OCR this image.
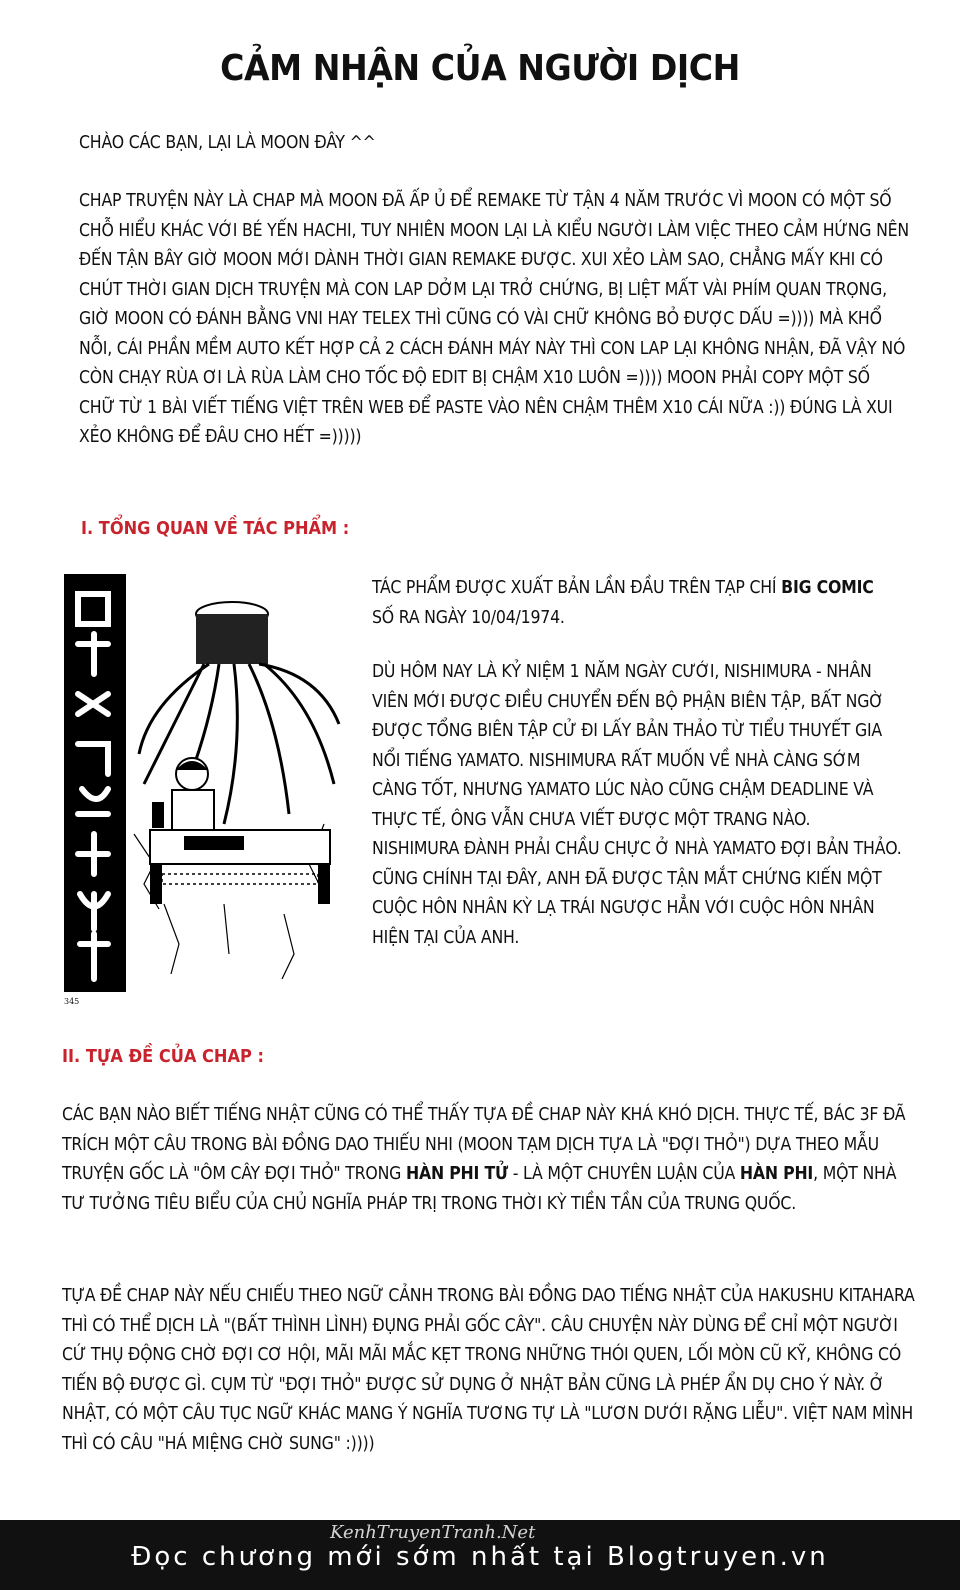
CẢM NHẬN CỦA NGƯỜI DỊCH
CHÀO CÁC BẠN, LẠI LÀ MOON ĐÂY ^^
CHAP TRUYỆN NÀY LÀ CHAP MÀ MOON ĐÃ ẤP Ủ ĐỂ REMAKE TỪ TẬN 4 NĂM TRƯỚC VÌ MOON CÓ MỘT SỐ CHỖ HIỂU KHÁC VỚI BÉ YẾN HACHI, TUY NHIÊN MOON LẠI LÀ KIỂU NGƯỜI LÀM VIỆC THEO CẢM HỨNG NÊN ĐẾN TẬN BÂY GIỜ MOON MỚI DÀNH THỜI GIAN REMAKE ĐƯỢC. XUI XẺO LÀM SAO, CHẲNG MẤY KHI CÓ CHÚT THỜI GIAN DỊCH TRUYỆN MÀ CON LAP DỞM LẠI TRỞ CHỨNG, BỊ LIỆT MẤT VÀI PHÍM QUAN TRỌNG, GIỜ MOON CÓ ĐÁNH BẰNG VNI HAY TELEX THÌ CŨNG CÓ VÀI CHỮ KHÔNG BỎ ĐƯỢC DẤU =)))) MÀ KHỔ NỖI, CÁI PHẦN MỀM AUTO KẾT HỢP CẢ 2 CÁCH ĐÁNH MÁY NÀY THÌ CON LAP LẠI KHÔNG NHẬN, ĐÃ VẬY NÓ CÒN CHẠY RÙA ƠI LÀ RÙA LÀM CHO TỐC ĐỘ EDIT BỊ CHẬM X10 LUÔN =)))) MOON PHẢI COPY MỘT SỐ CHỮ TỪ 1 BÀI VIẾT TIẾNG VIỆT TRÊN WEB ĐỂ PASTE VÀO NÊN CHẬM THÊM X10 CÁI NỮA :)) ĐÚNG LÀ XUI XẺO KHÔNG ĐỂ ĐÂU CHO HẾT =)))))
I. TỔNG QUAN VỀ TÁC PHẨM :
345
TÁC PHẨM ĐƯỢC XUẤT BẢN LẦN ĐẦU TRÊN TẠP CHÍ BIG COMIC SỐ RA NGÀY 10/04/1974.
DÙ HÔM NAY LÀ KỶ NIỆM 1 NĂM NGÀY CƯỚI, NISHIMURA - NHÂN VIÊN MỚI ĐƯỢC ĐIỀU CHUYỂN ĐẾN BỘ PHẬN BIÊN TẬP, BẤT NGỜ ĐƯỢC TỔNG BIÊN TẬP CỬ ĐI LẤY BẢN THẢO TỪ TIỂU THUYẾT GIA NỔI TIẾNG YAMATO. NISHIMURA RẤT MUỐN VỀ NHÀ CÀNG SỚM CÀNG TỐT, NHƯNG YAMATO LÚC NÀO CŨNG CHẬM DEADLINE VÀ THỰC TẾ, ÔNG VẪN CHƯA VIẾT ĐƯỢC MỘT TRANG NÀO. NISHIMURA ĐÀNH PHẢI CHẦU CHỰC Ở NHÀ YAMATO ĐỢI BẢN THẢO. CŨNG CHÍNH TẠI ĐÂY, ANH ĐÃ ĐƯỢC TẬN MẮT CHỨNG KIẾN MỘT CUỘC HÔN NHÂN KỲ LẠ TRÁI NGƯỢC HẲN VỚI CUỘC HÔN NHÂN HIỆN TẠI CỦA ANH.
II. TỰA ĐỀ CỦA CHAP :
CÁC BẠN NÀO BIẾT TIẾNG NHẬT CŨNG CÓ THỂ THẤY TỰA ĐỀ CHAP NÀY KHÁ KHÓ DỊCH. THỰC TẾ, BÁC 3F ĐÃ TRÍCH MỘT CÂU TRONG BÀI ĐỒNG DAO THIẾU NHI (MOON TẠM DỊCH TỰA LÀ "ĐỢI THỎ") DỰA THEO MẪU TRUYỆN GỐC LÀ "ÔM CÂY ĐỢI THỎ" TRONG HÀN PHI TỬ - LÀ MỘT CHUYÊN LUẬN CỦA HÀN PHI, MỘT NHÀ TƯ TƯỞNG TIÊU BIỂU CỦA CHỦ NGHĨA PHÁP TRỊ TRONG THỜI KỲ TIỀN TẦN CỦA TRUNG QUỐC.
TỰA ĐỀ CHAP NÀY NẾU CHIẾU THEO NGỮ CẢNH TRONG BÀI ĐỒNG DAO TIẾNG NHẬT CỦA HAKUSHU KITAHARA THÌ CÓ THỂ DỊCH LÀ "(BẤT THÌNH LÌNH) ĐỤNG PHẢI GỐC CÂY". CÂU CHUYỆN NÀY DÙNG ĐỂ CHỈ MỘT NGƯỜI CỨ THỤ ĐỘNG CHỜ ĐỢI CƠ HỘI, MÃI MÃI MẮC KẸT TRONG NHỮNG THÓI QUEN, LỐI MÒN CŨ KỸ, KHÔNG CÓ TIẾN BỘ ĐƯỢC GÌ. CỤM TỪ "ĐỢI THỎ" ĐƯỢC SỬ DỤNG Ở NHẬT BẢN CŨNG LÀ PHÉP ẨN DỤ CHO Ý NÀY. Ở NHẬT, CÓ MỘT CÂU TỤC NGỮ KHÁC MANG Ý NGHĨA TƯƠNG TỰ LÀ "LƯƠN DƯỚI RẶNG LIỄU". VIỆT NAM MÌNH THÌ CÓ CÂU "HÁ MIỆNG CHỜ SUNG" :))))
KenhTruyenTranh.Net
Đọc chương mới sớm nhất tại Blogtruyen.vn
